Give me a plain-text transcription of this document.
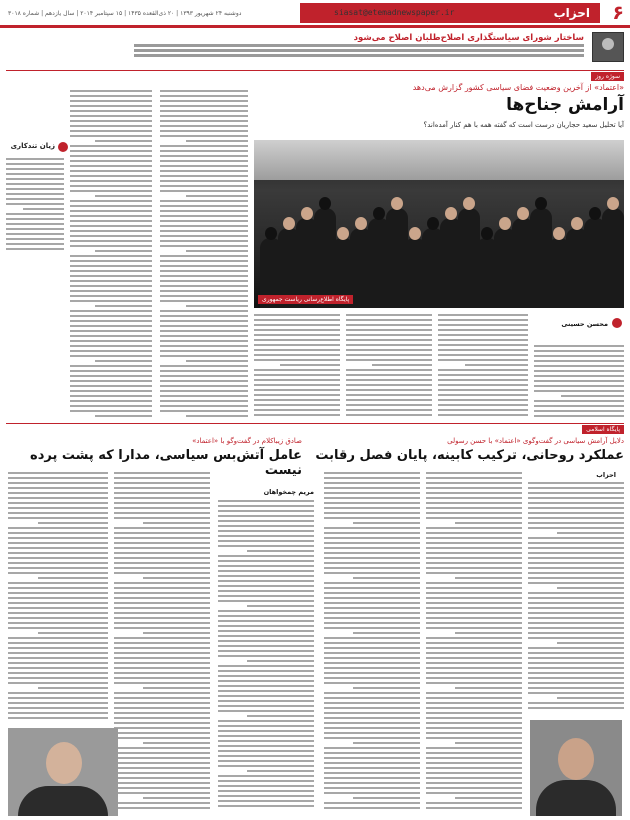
۶
احزاب
siasat@etemadnewspaper.ir
دوشنبه ۲۴ شهریور ۱۳۹۳ | ۲۰ ذی‌القعده ۱۴۳۵ | ۱۵ سپتامبر ۲۰۱۴ | سال یازدهم | شماره ۳۰۱۸
ساختار شورای سیاستگذاری اصلاح‌طلبان اصلاح می‌شود
سوژه روز
«اعتماد» از آخرین وضعیت فضای سیاسی کشور گزارش می‌دهد
آرامش جناح‌ها
آیا تحلیل سعید حجاریان درست است که گفته همه با هم کنار آمده‌اند؟
پایگاه اطلاع‌رسانی ریاست جمهوری
محسن حسینی
زیان تندکاری
پایگاه اسلامی
دلایل آرامش سیاسی در گفت‌وگوی «اعتماد» با حسن رسولی
عملکرد روحانی، ترکیب کابینه، پایان فصل رقابت
صادق زیباکلام در گفت‌وگو با «اعتماد»
عامل آتش‌بس سیاسی، مدارا که پشت پرده نیست	احزاب
مریم چمخواهان
